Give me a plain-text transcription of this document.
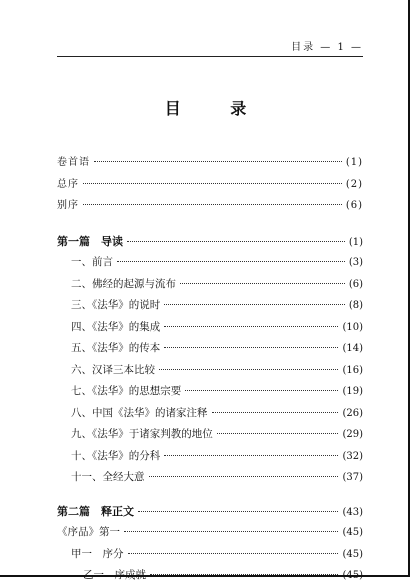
目录 — 1 —
目 录
卷首语	(1)
总序	(2)
别序	(6)
第一篇　导读	(1)
一、前言	(3)
二、佛经的起源与流布	(6)
三、《法华》的说时	(8)
四、《法华》的集成	(10)
五、《法华》的传本	(14)
六、汉译三本比较	(16)
七、《法华》的思想宗要	(19)
八、中国《法华》的诸家注释	(26)
九、《法华》于诸家判教的地位	(29)
十、《法华》的分科	(32)
十一、全经大意	(37)
第二篇　释正文	(43)
《序品》第一	(45)
甲一　序分	(45)
乙一　序成就	(45)
